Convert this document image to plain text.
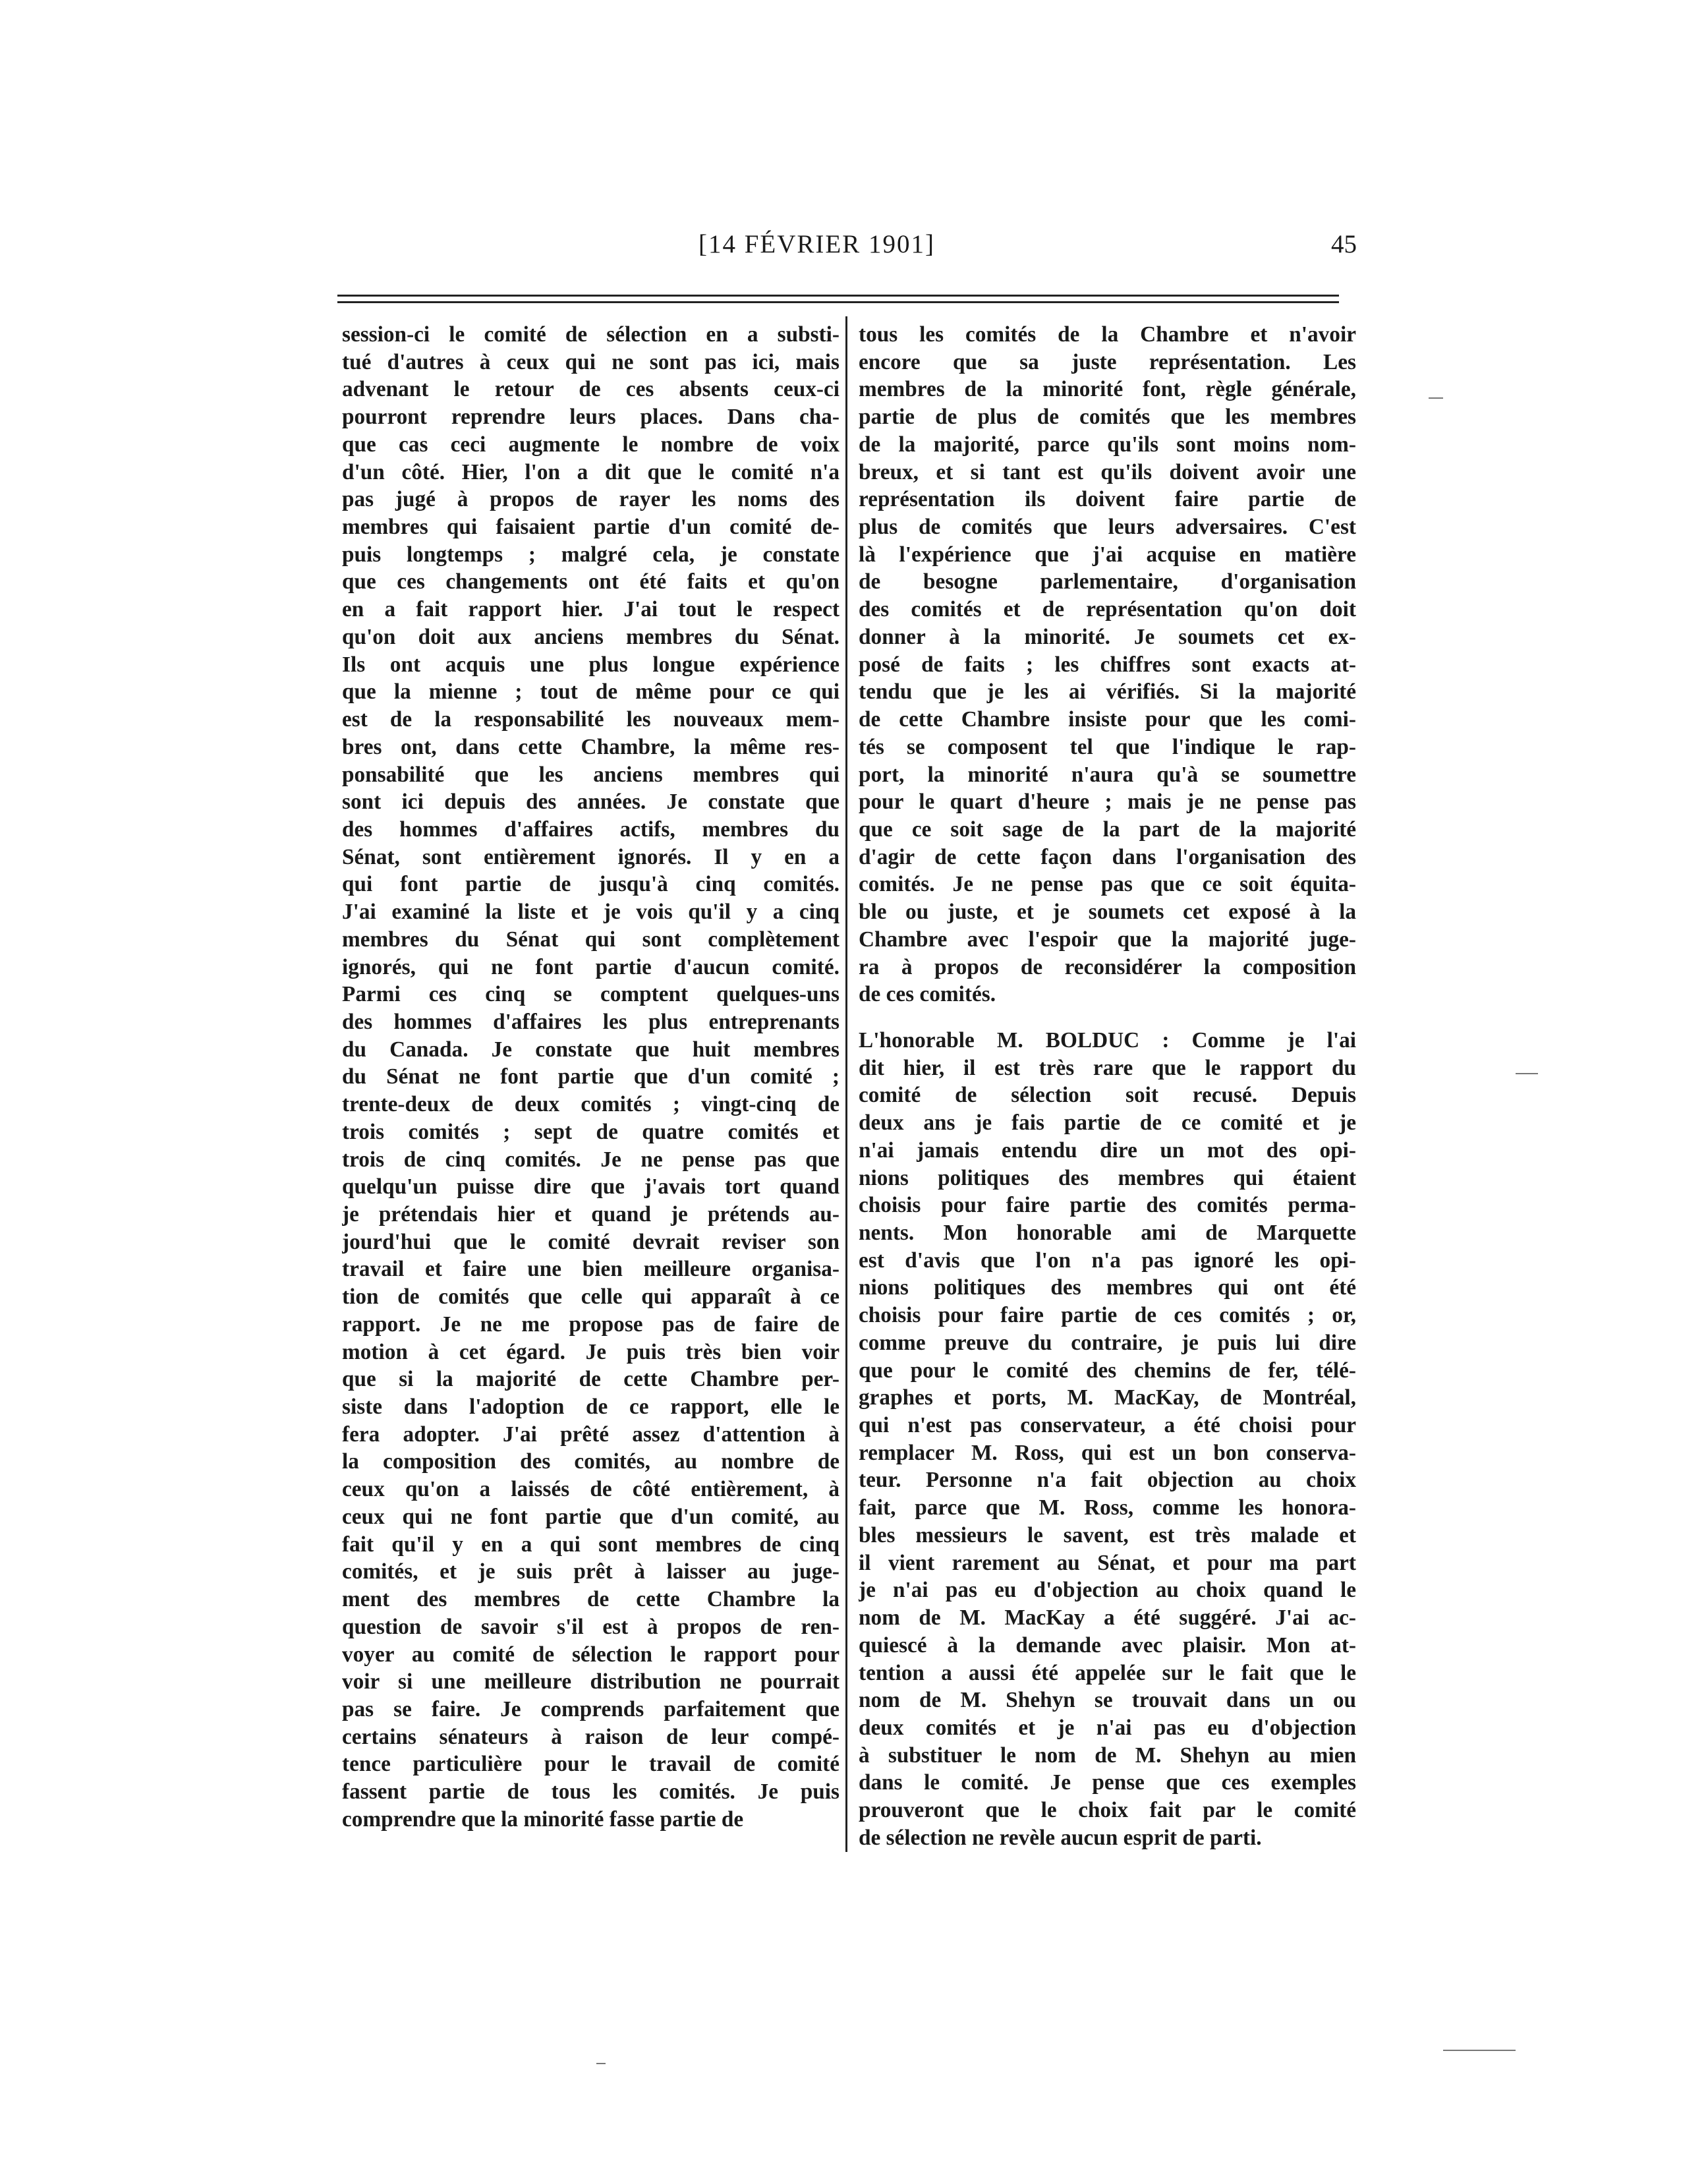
[14 FÉVRIER 1901]	45
session-ci le comité de sélection en a substi-
tué d'autres à ceux qui ne sont pas ici, mais
advenant le retour de ces absents ceux-ci
pourront reprendre leurs places. Dans cha-
que cas ceci augmente le nombre de voix
d'un côté. Hier, l'on a dit que le comité n'a
pas jugé à propos de rayer les noms des
membres qui faisaient partie d'un comité de-
puis longtemps ; malgré cela, je constate
que ces changements ont été faits et qu'on
en a fait rapport hier. J'ai tout le respect
qu'on doit aux anciens membres du Sénat.
Ils ont acquis une plus longue expérience
que la mienne ; tout de même pour ce qui
est de la responsabilité les nouveaux mem-
bres ont, dans cette Chambre, la même res-
ponsabilité que les anciens membres qui
sont ici depuis des années. Je constate que
des hommes d'affaires actifs, membres du
Sénat, sont entièrement ignorés. Il y en a
qui font partie de jusqu'à cinq comités.
J'ai examiné la liste et je vois qu'il y a cinq
membres du Sénat qui sont complètement
ignorés, qui ne font partie d'aucun comité.
Parmi ces cinq se comptent quelques-uns
des hommes d'affaires les plus entreprenants
du Canada. Je constate que huit membres
du Sénat ne font partie que d'un comité ;
trente-deux de deux comités ; vingt-cinq de
trois comités ; sept de quatre comités et
trois de cinq comités. Je ne pense pas que
quelqu'un puisse dire que j'avais tort quand
je prétendais hier et quand je prétends au-
jourd'hui que le comité devrait reviser son
travail et faire une bien meilleure organisa-
tion de comités que celle qui apparaît à ce
rapport. Je ne me propose pas de faire de
motion à cet égard. Je puis très bien voir
que si la majorité de cette Chambre per-
siste dans l'adoption de ce rapport, elle le
fera adopter. J'ai prêté assez d'attention à
la composition des comités, au nombre de
ceux qu'on a laissés de côté entièrement, à
ceux qui ne font partie que d'un comité, au
fait qu'il y en a qui sont membres de cinq
comités, et je suis prêt à laisser au juge-
ment des membres de cette Chambre la
question de savoir s'il est à propos de ren-
voyer au comité de sélection le rapport pour
voir si une meilleure distribution ne pourrait
pas se faire. Je comprends parfaitement que
certains sénateurs à raison de leur compé-
tence particulière pour le travail de comité
fassent partie de tous les comités. Je puis
comprendre que la minorité fasse partie de
tous les comités de la Chambre et n'avoir
encore que sa juste représentation. Les
membres de la minorité font, règle générale,
partie de plus de comités que les membres
de la majorité, parce qu'ils sont moins nom-
breux, et si tant est qu'ils doivent avoir une
représentation ils doivent faire partie de
plus de comités que leurs adversaires. C'est
là l'expérience que j'ai acquise en matière
de besogne parlementaire, d'organisation
des comités et de représentation qu'on doit
donner à la minorité. Je soumets cet ex-
posé de faits ; les chiffres sont exacts at-
tendu que je les ai vérifiés. Si la majorité
de cette Chambre insiste pour que les comi-
tés se composent tel que l'indique le rap-
port, la minorité n'aura qu'à se soumettre
pour le quart d'heure ; mais je ne pense pas
que ce soit sage de la part de la majorité
d'agir de cette façon dans l'organisation des
comités. Je ne pense pas que ce soit équita-
ble ou juste, et je soumets cet exposé à la
Chambre avec l'espoir que la majorité juge-
ra à propos de reconsidérer la composition
de ces comités.
L'honorable M. BOLDUC : Comme je l'ai
dit hier, il est très rare que le rapport du
comité de sélection soit recusé. Depuis
deux ans je fais partie de ce comité et je
n'ai jamais entendu dire un mot des opi-
nions politiques des membres qui étaient
choisis pour faire partie des comités perma-
nents. Mon honorable ami de Marquette
est d'avis que l'on n'a pas ignoré les opi-
nions politiques des membres qui ont été
choisis pour faire partie de ces comités ; or,
comme preuve du contraire, je puis lui dire
que pour le comité des chemins de fer, télé-
graphes et ports, M. MacKay, de Montréal,
qui n'est pas conservateur, a été choisi pour
remplacer M. Ross, qui est un bon conserva-
teur. Personne n'a fait objection au choix
fait, parce que M. Ross, comme les honora-
bles messieurs le savent, est très malade et
il vient rarement au Sénat, et pour ma part
je n'ai pas eu d'objection au choix quand le
nom de M. MacKay a été suggéré. J'ai ac-
quiescé à la demande avec plaisir. Mon at-
tention a aussi été appelée sur le fait que le
nom de M. Shehyn se trouvait dans un ou
deux comités et je n'ai pas eu d'objection
à substituer le nom de M. Shehyn au mien
dans le comité. Je pense que ces exemples
prouveront que le choix fait par le comité
de sélection ne revèle aucun esprit de parti.
